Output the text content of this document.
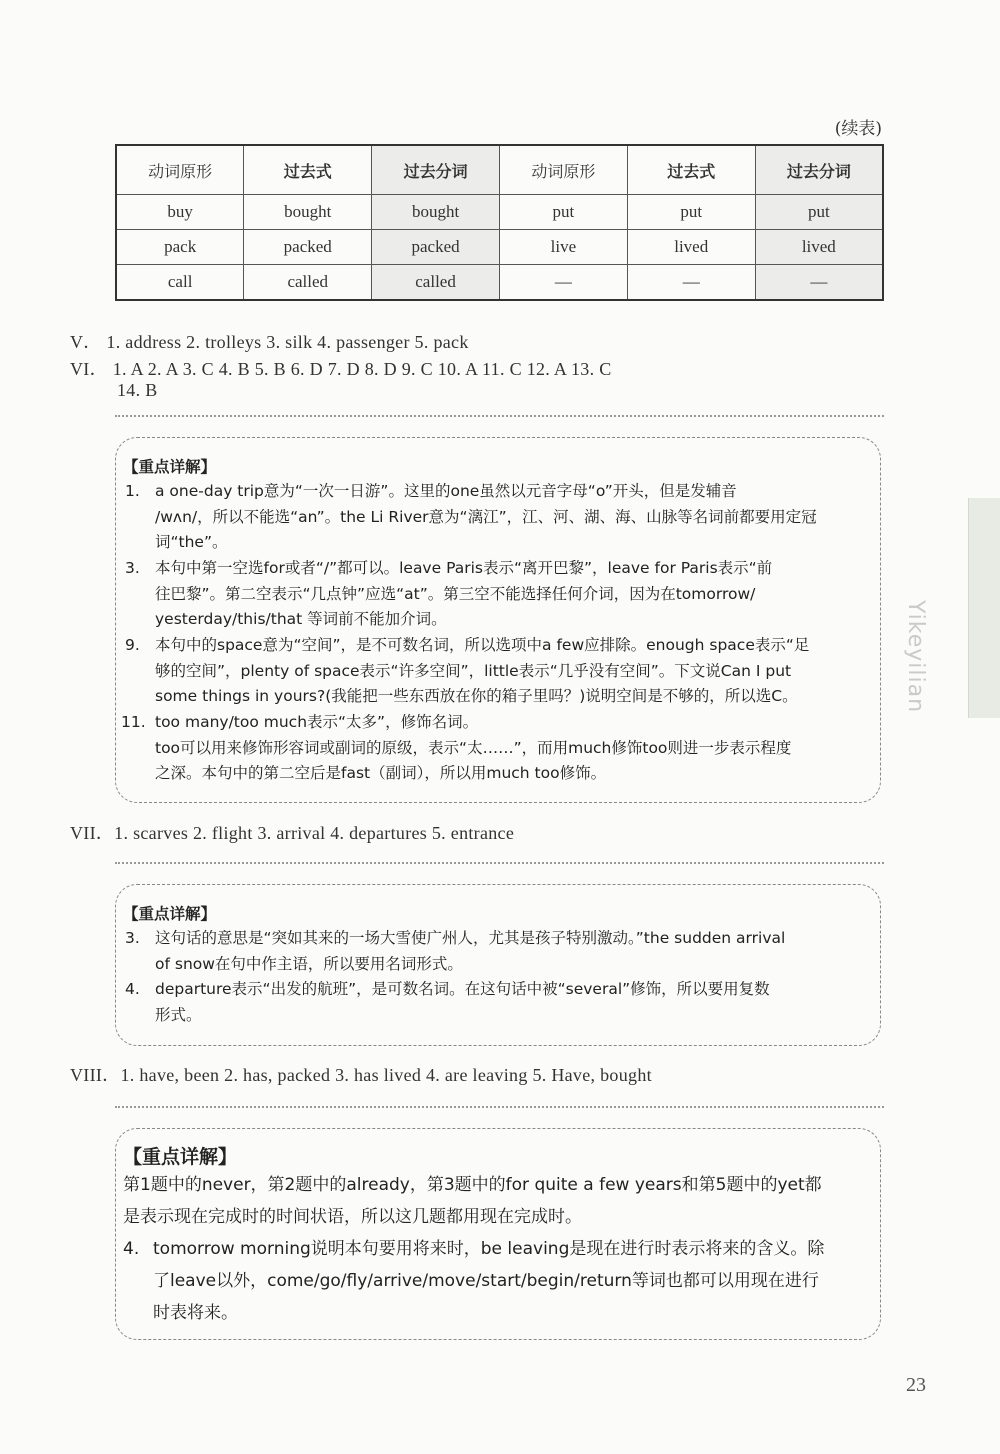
(续表)
动词原形	过去式	过去分词	动词原形	过去式	过去分词
buy	bought	bought	put	put	put
pack	packed	packed	live	lived	lived
call	called	called	—	—	—
V． 1. address 2. trolleys 3. silk 4. passenger 5. pack
VI． 1. A 2. A 3. C 4. B 5. B 6. D 7. D 8. D 9. C 10. A 11. C 12. A 13. C
14. B
【重点详解】
1. a one-day trip意为“一次一日游”。这里的one虽然以元音字母“o”开头，但是发辅音
/wʌn/，所以不能选“an”。the Li River意为“漓江”，江、河、湖、海、山脉等名词前都要用定冠
词“the”。
3. 本句中第一空选for或者“/”都可以。leave Paris表示“离开巴黎”，leave for Paris表示“前
往巴黎”。第二空表示“几点钟”应选“at”。第三空不能选择任何介词，因为在tomorrow/
yesterday/this/that 等词前不能加介词。
9. 本句中的space意为“空间”，是不可数名词，所以选项中a few应排除。enough space表示“足
够的空间”，plenty of space表示“许多空间”，little表示“几乎没有空间”。下文说Can I put
some things in yours?(我能把一些东西放在你的箱子里吗？)说明空间是不够的，所以选C。
11. too many/too much表示“太多”，修饰名词。
too可以用来修饰形容词或副词的原级，表示“太……”，而用much修饰too则进一步表示程度
之深。本句中的第二空后是fast（副词），所以用much too修饰。
VII．1. scarves 2. flight 3. arrival 4. departures 5. entrance
【重点详解】
3. 这句话的意思是“突如其来的一场大雪使广州人，尤其是孩子特别激动。”the sudden arrival
of snow在句中作主语，所以要用名词形式。
4. departure表示“出发的航班”，是可数名词。在这句话中被“several”修饰，所以要用复数
形式。
VIII．1. have, been 2. has, packed 3. has lived 4. are leaving 5. Have, bought
【重点详解】
第1题中的never，第2题中的already，第3题中的for quite a few years和第5题中的yet都
是表示现在完成时的时间状语，所以这几题都用现在完成时。
4. tomorrow morning说明本句要用将来时，be leaving是现在进行时表示将来的含义。除
了leave以外，come/go/fly/arrive/move/start/begin/return等词也都可以用现在进行
时表将来。
Yikeyilian
23
